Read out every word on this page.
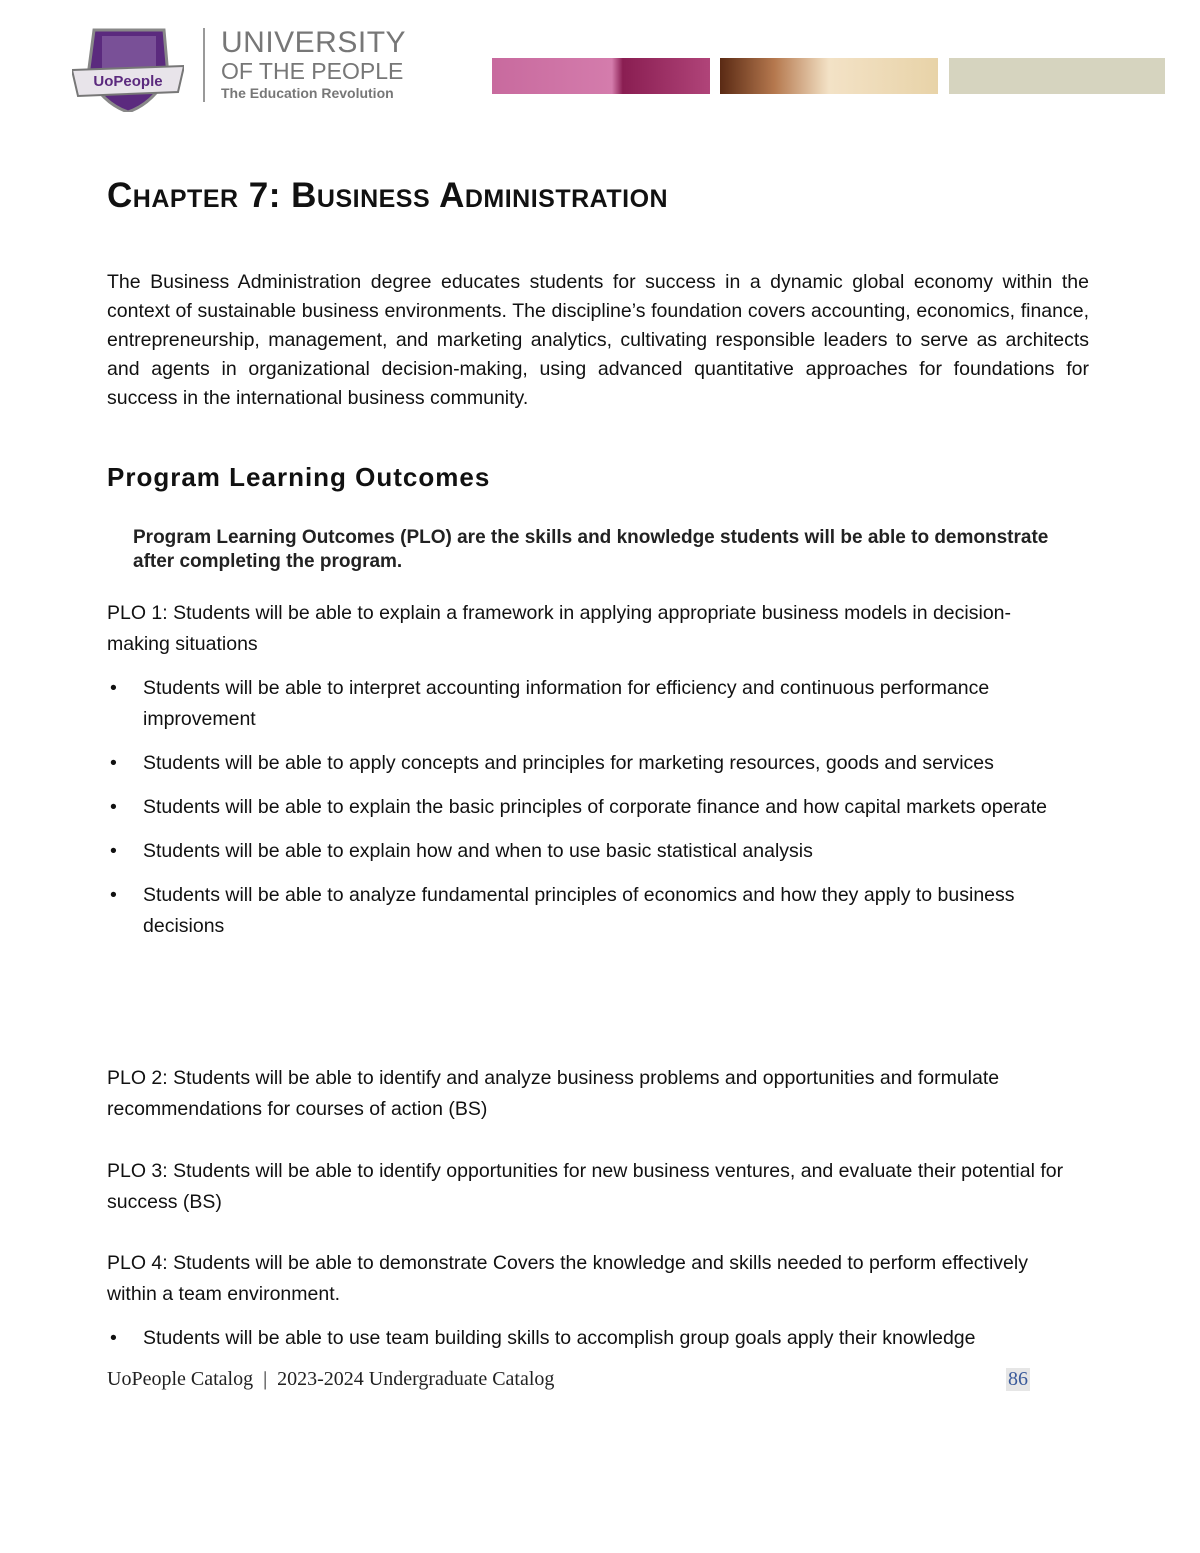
UoPeople
UNIVERSITY
OF THE PEOPLE
The Education Revolution
Chapter 7: Business Administration
The Business Administration degree educates students for success in a dynamic global economy within the context of sustainable business environments. The discipline’s foundation covers accounting, economics, finance, entrepreneurship, management, and marketing analytics, cultivating responsible leaders to serve as architects and agents in organizational decision-making, using advanced quantitative approaches for foundations for success in the international business community.
Program Learning Outcomes
Program Learning Outcomes (PLO) are the skills and knowledge students will be able to demonstrate after completing the program.
PLO 1: Students will be able to explain a framework in applying appropriate business models in decision-making situations
• Students will be able to interpret accounting information for efficiency and continuous performance improvement
• Students will be able to apply concepts and principles for marketing resources, goods and services
• Students will be able to explain the basic principles of corporate finance and how capital markets operate
• Students will be able to explain how and when to use basic statistical analysis
• Students will be able to analyze fundamental principles of economics and how they apply to business decisions
PLO 2: Students will be able to identify and analyze business problems and opportunities and formulate recommendations for courses of action (BS)
PLO 3: Students will be able to identify opportunities for new business ventures, and evaluate their potential for success (BS)
PLO 4: Students will be able to demonstrate Covers the knowledge and skills needed to perform effectively within a team environment.
• Students will be able to use team building skills to accomplish group goals apply their knowledge
UoPeople Catalog  |  2023-2024 Undergraduate Catalog	86
